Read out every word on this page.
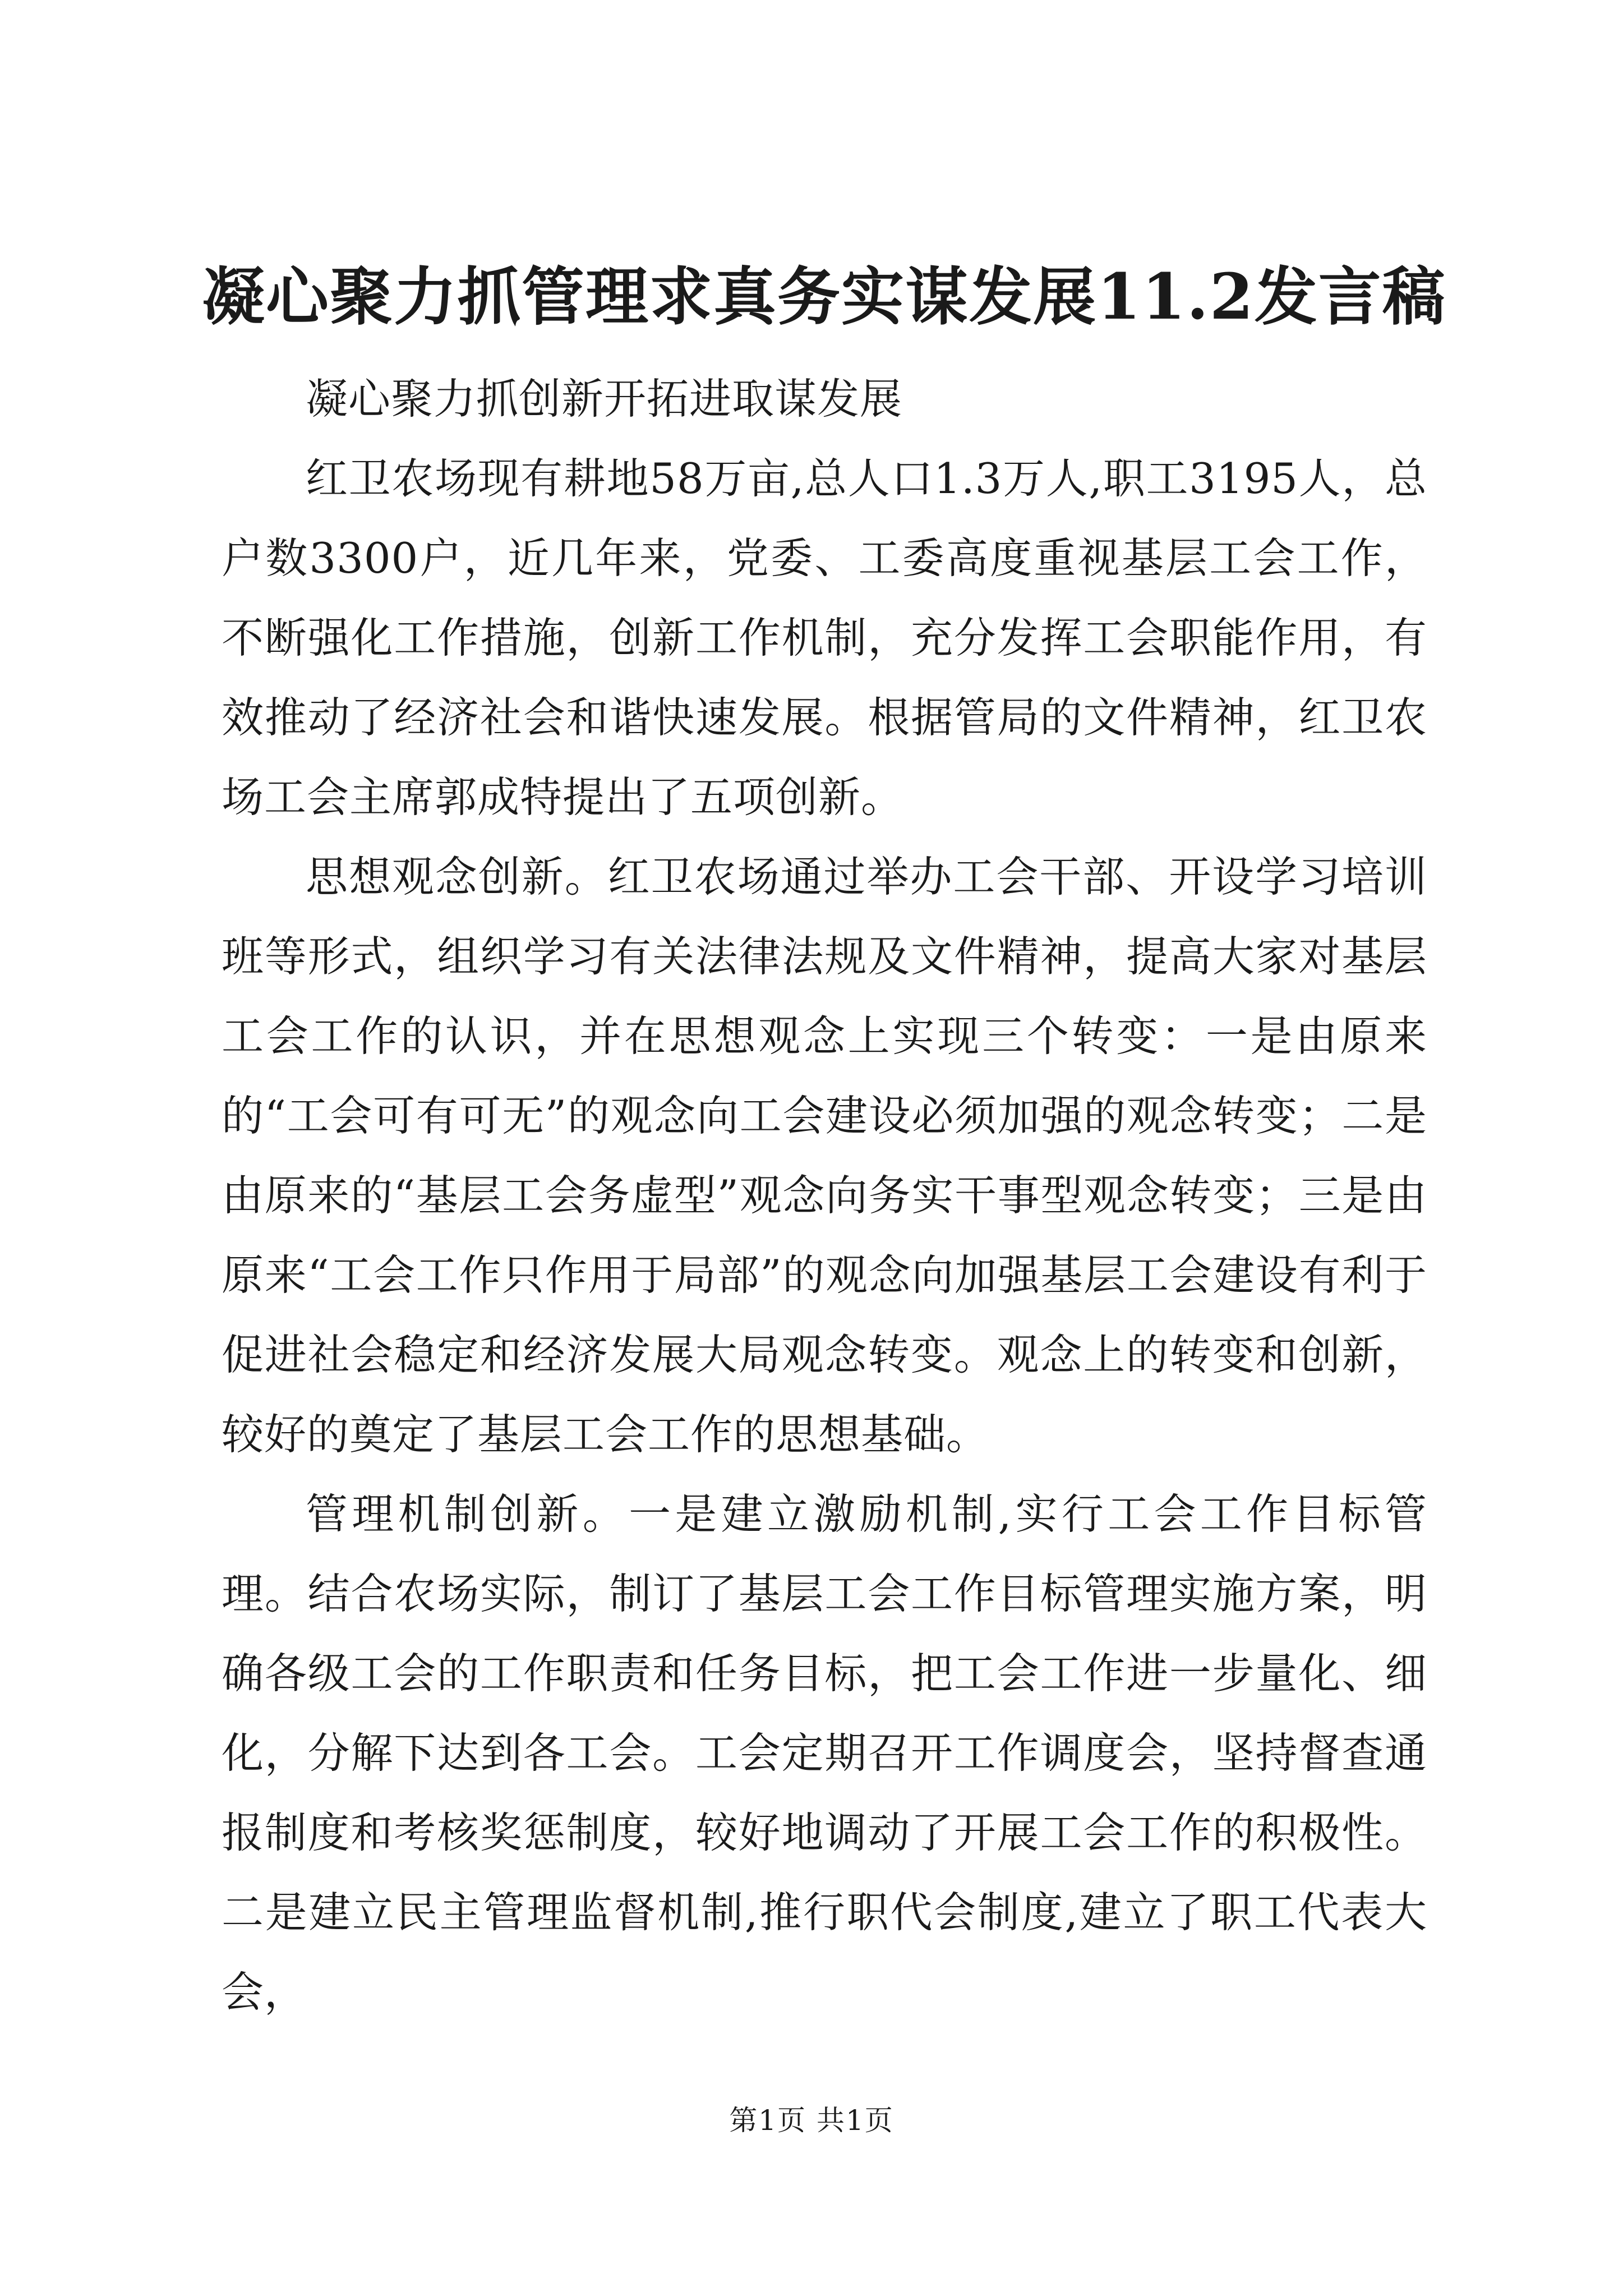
凝心聚力抓管理求真务实谋发展11.2发言稿

凝心聚力抓创新开拓进取谋发展

红卫农场现有耕地58万亩,总人口1.3万人,职工3195人，总户数3300户，近几年来，党委、工委高度重视基层工会工作，不断强化工作措施，创新工作机制，充分发挥工会职能作用，有效推动了经济社会和谐快速发展。根据管局的文件精神，红卫农场工会主席郭成特提出了五项创新。

思想观念创新。红卫农场通过举办工会干部、开设学习培训班等形式，组织学习有关法律法规及文件精神，提高大家对基层工会工作的认识，并在思想观念上实现三个转变：一是由原来的“工会可有可无”的观念向工会建设必须加强的观念转变；二是由原来的“基层工会务虚型”观念向务实干事型观念转变；三是由原来“工会工作只作用于局部”的观念向加强基层工会建设有利于促进社会稳定和经济发展大局观念转变。观念上的转变和创新，较好的奠定了基层工会工作的思想基础。

管理机制创新。一是建立激励机制,实行工会工作目标管理。结合农场实际，制订了基层工会工作目标管理实施方案，明确各级工会的工作职责和任务目标，把工会工作进一步量化、细化，分解下达到各工会。工会定期召开工作调度会，坚持督查通报制度和考核奖惩制度，较好地调动了开展工会工作的积极性。二是建立民主管理监督机制,推行职代会制度,建立了职工代表大会，

第1页 共1页
